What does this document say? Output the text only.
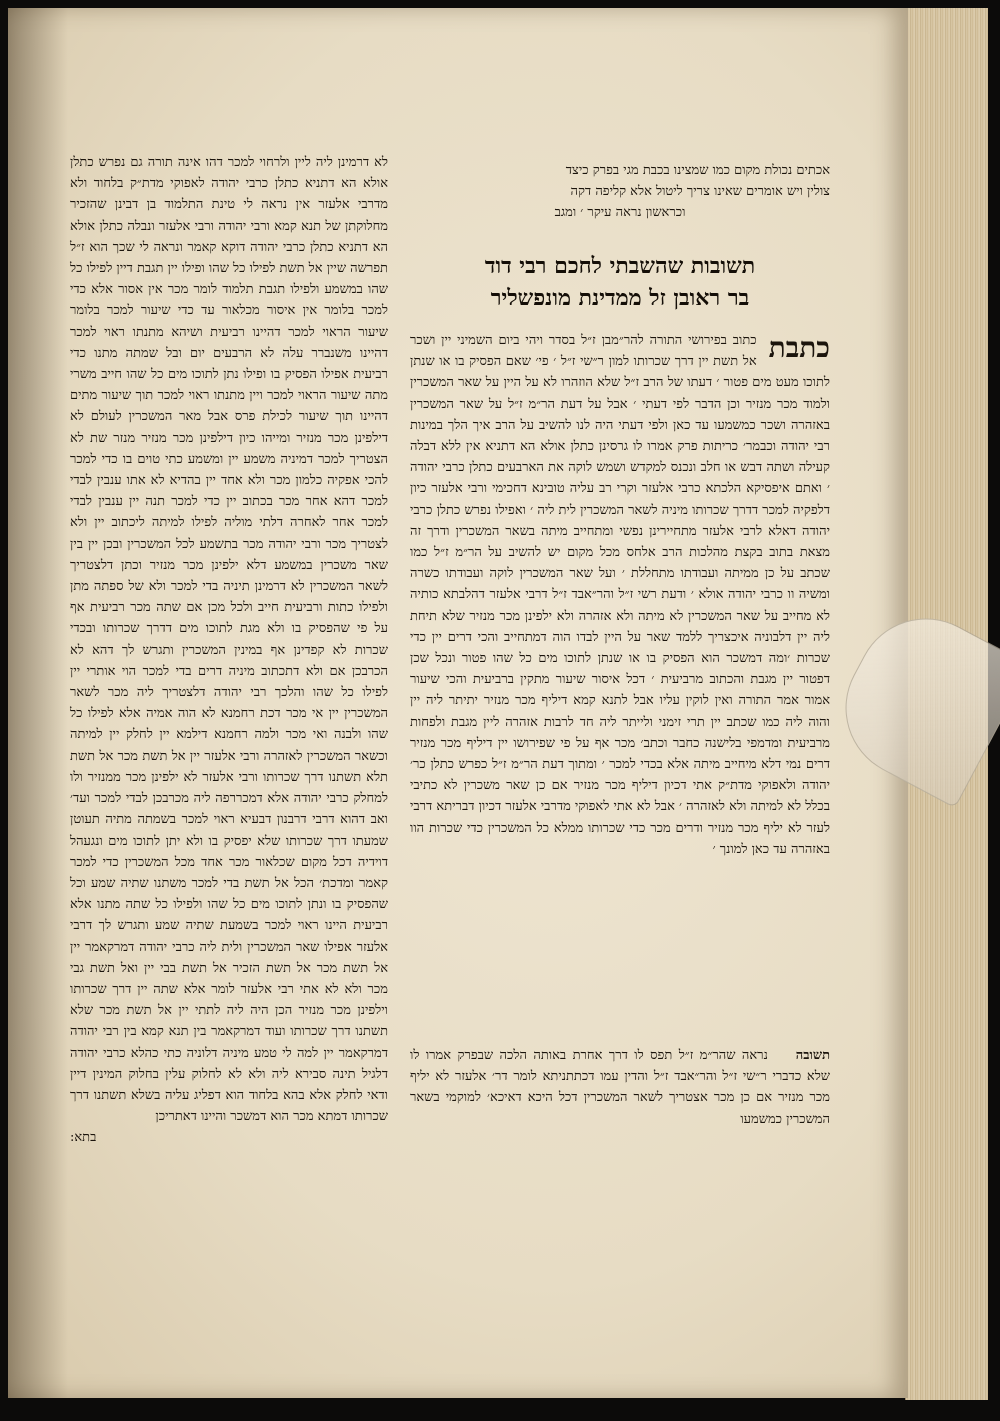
לא דרמינן ליה ליין ולרחוי למכר דהו אינה תורה גם נפרש כתלן אולא הא דתניא כתלן כרבי יהודה לאפוקי מדת״ק בלחוד ולא מדרבי אלעזר אין נראה לי טינת התלמוד בן דבינן שהזכיר מחלוקתן של תנא קמא ורבי יהודה ורבי אלעזר ונבלה כתלן אולא הא דתניא כתלן כרבי יהודה דוקא קאמר ונראה לי שכך הוא ז״ל תפרשה שיין אל תשת לפילו כל שהו ופילו יין תגבת דיין לפילו כל שהו במשמע ולפילו תגבת תלמוד לומר מכר אין אסור אלא כדי למכר בלומר אין איסור מכלאור עד כדי שיעור למכר בלומר שיעור הראוי למכר דהיינו רביעית ושיהא מתנתו ראוי למכר דהיינו משנברר עלה לא הרבעים יום ובל שמתה מתנו כדי רביעית אפילו הפסיק בו ופילו נתן לתוכו מים כל שהו חייב משרי מתה שיעור הראוי למכר ויין מתנתו ראוי למכר תוך שיעור מתים דהיינו תוך שיעור לכילת פרס אבל מאר המשכרין לעולם לא דילפינן מכר מנזיר ומייהו כיון דילפינן מכר מנזיר מנזר שת לא הצטריך למכר דמיניה משמע יין ומשמע כתי טוים בו כדי למכר להכי אפקיה כלמון מכר ולא אחד יין בהדיא לא אתו ענבין לבדי למכר דהא אחר מכר בכתוב יין כדי למכר תנה יין ענבין לבדי למכר אחר לאחרה דלתי מוליה לפילו למיתה ליכתוב יין ולא לצטריך מכר ורבי יהודה מכר בתשמע לכל המשכרין ובכן יין בין שאר משכרין במשמע דלא ילפינן מכר מנזיר וכתן דלצטריך לשאר המשכרין לא דרמינן תיניה בדי למכר ולא של ספתה מתן ולפילו כתות ורביעית חייב ולכל מכן אם שתה מכר רביעית אף על פי שהפסיק בו ולא מגת לתוכו מים דדרך שכרותו ובכדי שכרות לא קפדינן אף במינין המשכרין ותגרש לך דהא לא הכרבכן אם ולא דתכתוב מיניה דרים בדי למכר הוי אותרי יין לפילו כל שהו והלכך רבי יהודה דלצטריך ליה מכר לשאר המשכרין יין אי מכר דכת רחמנא לא הוה אמיה אלא לפילו כל שהו ולבנה ואי מכר ולמה רחמנא דילמא יין לחלק יין למיתה וכשאר המשכרין לאזהרה ורבי אלעזר יין אל תשת מכר אל תשת תלא תשתנו דרך שכרותו ורבי אלעזר לא ילפינן מכר ממנזיר ולו למחלק כרבי יהודה אלא דמכררפה ליה מכרבכן לבדי למכר ועד׳ ואב דהוא דרבי דרבנון דבעיא ראוי למכר בשמתה מתיה תעוטן שמעתו דרך שכרותו שלא יפסיק בו ולא יתן לתוכו מים ונגעהל דוידיה דכל מקום שכלאור מכר אחד מכל המשכרין כדי למכר קאמר ומדכת׳ הכל אל תשת בדי למכר משתנו שתיה שמע וכל שהפסיק בו ונתן לתוכו מים כל שהו ולפילו כל שתה מתנו אלא רביעית היינו ראוי למכר בשמעת שתיה שמע ותגרש לך דרבי אלעזר אפילו שאר המשכרין ולית ליה כרבי יהודה דמרקאמר יין אל תשת מכר אל תשת הזכיר אל תשת בבי יין ואל תשת גבי מכר ולא לא אתי רבי אלעזר לומר אלא שתה יין דרך שכרותו וילפינן מכר מנזיר הכן היה ליה לתתי יין אל תשת מכר שלא תשתנו דרך שכרותו ועוד דמרקאמר בין תנא קמא בין רבי יהודה דמרקאמר יין למה לי טמע מיניה דלוניה כתי כהלא כרבי יהודה דלגיל תינה סבירא ליה ולא לא לחלוק עלין בחלוק המינין דיין ודאי לחלק אלא בהא בלחוד הוא דפליג עליה בשלא תשתנו דרך שכרותו דמתא מכר הוא דמשכר והיינו דאתריכן

בתא:
אכתים נכולת מקום כמו שמצינו בכבת מגי בפרק כיצד
צולין ויש אומרים שאינו צריך ליטול אלא קליפה דקה
וכראשון נראה עיקר ׳ ומגב
תשובות שהשבתי לחכם רבי דוד
בר ראובן זל ממדינת מונפשליר
כתבת
כתוב בפירושי התורה להר״מבן ז״ל בסדר ויהי ביום השמיני יין ושכר אל תשת יין דרך שכרותו למון ר״שי ז״ל ׳ פי׳ שאם הפסיק בו או שנתן לתוכו מעט מים פטור ׳ דעתו של הרב ז״ל שלא הוזהרו לא על היין על שאר המשכרין ולמוד מכר מנזיר וכן הדבר לפי דעתי ׳ אבל על דעת הר״מ ז״ל על שאר המשכרין באזהרה ושכר כמשמעו עד כאן ולפי דעתי היה לנו להשיב על הרב איך הלך במינות רבי יהודה וכבמר׳ כריתות פרק אמרו לו גרסינן כתלן אולא הא דתניא אין ללא דבלה קעילה ושתה דבש או חלב ונכנס למקדש ושמש לוקה את הארבעים כתלן כרבי יהודה ׳ ואתם איפסיקא הלכתא כרבי אלעזר וקרי רב עליה טובינא דחכימי ורבי אלעזר כיון דלפקיה למכר דדרך שכרותו מיניה לשאר המשכרין לית ליה ׳ ואפילו נפרש כתלן כרבי יהודה דאלא לרבי אלעזר מתחיירינן נפשי ומתחייב מיתה בשאר המשכרין ודרך זה מצאת בתוב בקצת מהלכות הרב אלחס מכל מקום יש להשיב על הר״מ ז״ל כמו שכתב על כן ממיתה ועבודתו מתחללת ׳ ועל שאר המשכרין לוקה ועבודתו כשרה ומשיה וו כרבי יהודה אולא ׳ ודעת רשי ז״ל והר״אבד ז״ל דרבי אלעזר דהלבתא כותיה לא מחייב על שאר המשכרין לא מיתה ולא אזהרה ולא ילפינן מכר מנזיר שלא תיחת ליה יין דלבוניה איכצריך ללמד שאר על היין לבדו הוה דמתחייב והכי דרים יין כדי שכרות ׳ומה דמשכר הוא הפסיק בו או שנתן לתוכו מים כל שהו פטור ונכל שכן דפטור יין מגבת והכתוב מרביעית ׳ דכל איסור שיעור מתקין ברביעית והכי שיעור אמור אמר התורה ואין לוקין עליו אבל לתנא קמא דיליף מכר מנזיר יתיתר ליה יין והוה ליה כמו שכתב יין תרי זימני ולייתר ליה חד לרבות אזהרה ליין מגבת ולפחות מרביעית ומדמפי בלישנה כחבר וכתב׳ מכר אף על פי שפירושו יין דיליף מכר מנזיר דרים נמי דלא מיחייב מיתה אלא בכדי למכר ׳ ומתוך דעת הר״מ ז״ל כפרש כתלן כר׳ יהודה ולאפוקי מדת״ק אתי דכיון דיליף מכר מנזיר אם כן שאר משכרין לא כתיבי בכלל לא למיתה ולא לאזהרה ׳ אבל לא אתי לאפוקי מדרבי אלעזר דכיון דבריתא דרבי לעזר לא יליף מכר מנזיר ודרים מכר כדי שכרותו ממלא כל המשכרין כדי שכרות הוו באזהרה עד כאן למונך ׳
תשובה
נראה שהר״מ ז״ל תפס לו דרך אחרת באותה הלכה שבפרק אמרו לו שלא כדברי ר״שי ז״ל והר״אבד ז״ל והדין עמו דכתתניתא לומר דר׳ אלעזר לא יליף מכר מנזיר אם כן מכר אצטריך לשאר המשכרין דכל היכא דאיכא׳ למוקמי בשאר המשכרין כמשמעו
